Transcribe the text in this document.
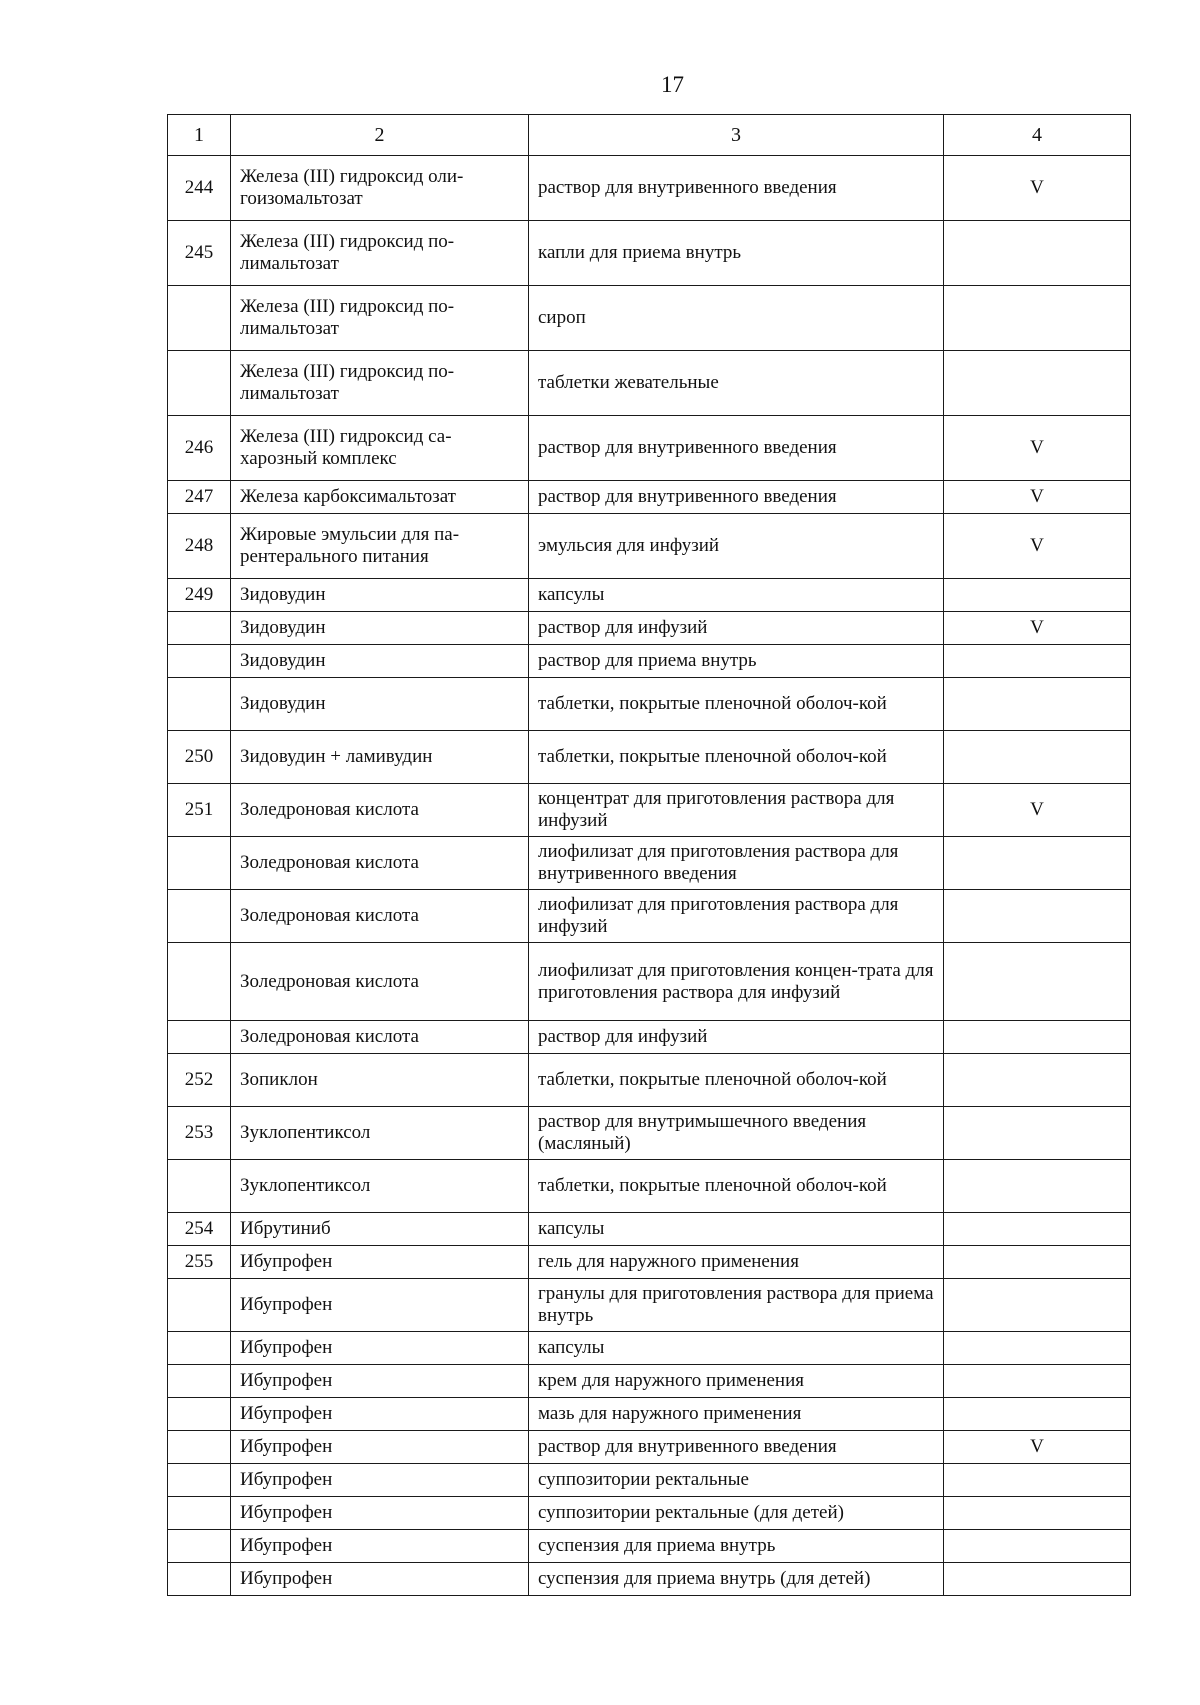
17
1	2	3	4
244	Железа (III) гидроксид оли-гоизомальтозат	раствор для внутривенного введения	V
245	Железа (III) гидроксид по-лимальтозат	капли для приема внутрь	
	Железа (III) гидроксид по-лимальтозат	сироп	
	Железа (III) гидроксид по-лимальтозат	таблетки жевательные	
246	Железа (III) гидроксид са-харозный комплекс	раствор для внутривенного введения	V
247	Железа карбоксимальтозат	раствор для внутривенного введения	V
248	Жировые эмульсии для па-рентерального питания	эмульсия для инфузий	V
249	Зидовудин	капсулы	
	Зидовудин	раствор для инфузий	V
	Зидовудин	раствор для приема внутрь	
	Зидовудин	таблетки, покрытые пленочной оболоч-кой	
250	Зидовудин + ламивудин	таблетки, покрытые пленочной оболоч-кой	
251	Золедроновая кислота	концентрат для приготовления раствора для инфузий	V
	Золедроновая кислота	лиофилизат для приготовления раствора для внутривенного введения	
	Золедроновая кислота	лиофилизат для приготовления раствора для инфузий	
	Золедроновая кислота	лиофилизат для приготовления концен-трата для приготовления раствора для инфузий	
	Золедроновая кислота	раствор для инфузий	
252	Зопиклон	таблетки, покрытые пленочной оболоч-кой	
253	Зуклопентиксол	раствор для внутримышечного введения (масляный)	
	Зуклопентиксол	таблетки, покрытые пленочной оболоч-кой	
254	Ибрутиниб	капсулы	
255	Ибупрофен	гель для наружного применения	
	Ибупрофен	гранулы для приготовления раствора для приема внутрь	
	Ибупрофен	капсулы	
	Ибупрофен	крем для наружного применения	
	Ибупрофен	мазь для наружного применения	
	Ибупрофен	раствор для внутривенного введения	V
	Ибупрофен	суппозитории ректальные	
	Ибупрофен	суппозитории ректальные (для детей)	
	Ибупрофен	суспензия для приема внутрь	
	Ибупрофен	суспензия для приема внутрь (для детей)	
